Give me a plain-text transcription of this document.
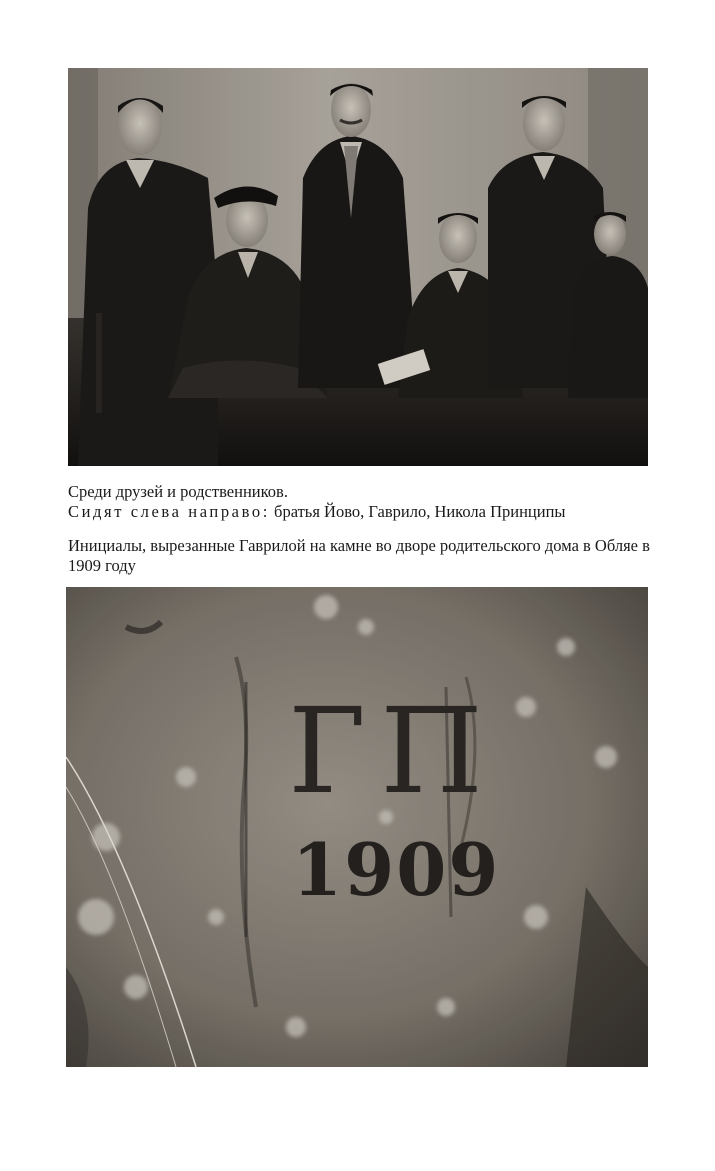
Среди друзей и родственников.
Сидят слева направо: братья Йово, Гаврило, Никола Принципы
Инициалы, вырезанные Гаврилой на камне во дворе родительского дома в Обляе в 1909 году
ГП
1909
